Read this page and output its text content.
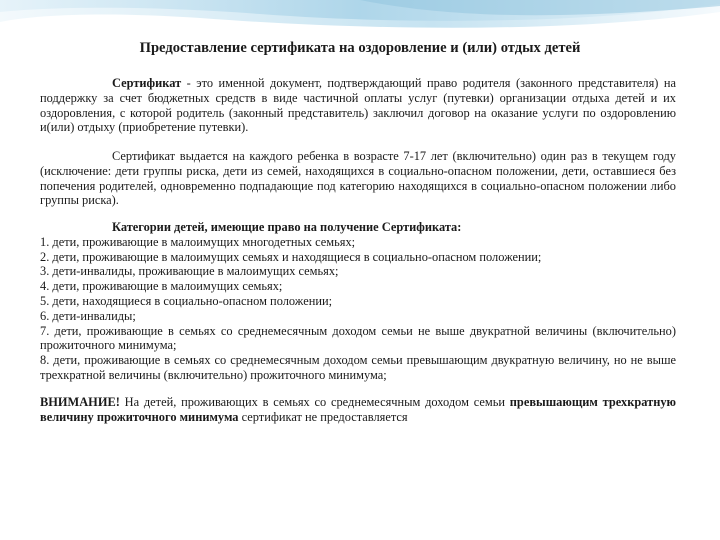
Предоставление сертификата на оздоровление и (или) отдых детей
Сертификат - это именной документ, подтверждающий право родителя (законного представителя) на поддержку за счет бюджетных средств в виде частичной оплаты услуг (путевки) организации отдыха детей и их оздоровления, с которой родитель (законный представитель) заключил договор на оказание услуги по оздоровлению и(или) отдыху (приобретение путевки).
Сертификат выдается на каждого ребенка в возрасте 7-17 лет (включительно) один раз в текущем году (исключение: дети группы риска, дети из семей, находящихся в социально-опасном положении, дети, оставшиеся без попечения родителей, одновременно подпадающие под категорию находящихся в социально-опасном положении либо группы риска).
Категории детей, имеющие право на получение Сертификата:
1. дети, проживающие в малоимущих многодетных семьях;
2. дети, проживающие в малоимущих семьях и находящиеся в социально-опасном положении;
3. дети-инвалиды, проживающие в малоимущих семьях;
4. дети, проживающие в малоимущих семьях;
5. дети, находящиеся в социально-опасном положении;
6. дети-инвалиды;
7. дети, проживающие в семьях со среднемесячным доходом семьи не выше двукратной величины (включительно) прожиточного минимума;
8. дети, проживающие в семьях со среднемесячным доходом семьи превышающим двукратную величину, но не выше трехкратной величины (включительно) прожиточного минимума;
ВНИМАНИЕ! На детей, проживающих в семьях со среднемесячным доходом семьи превышающим трехкратную величину прожиточного минимума сертификат не предоставляется
